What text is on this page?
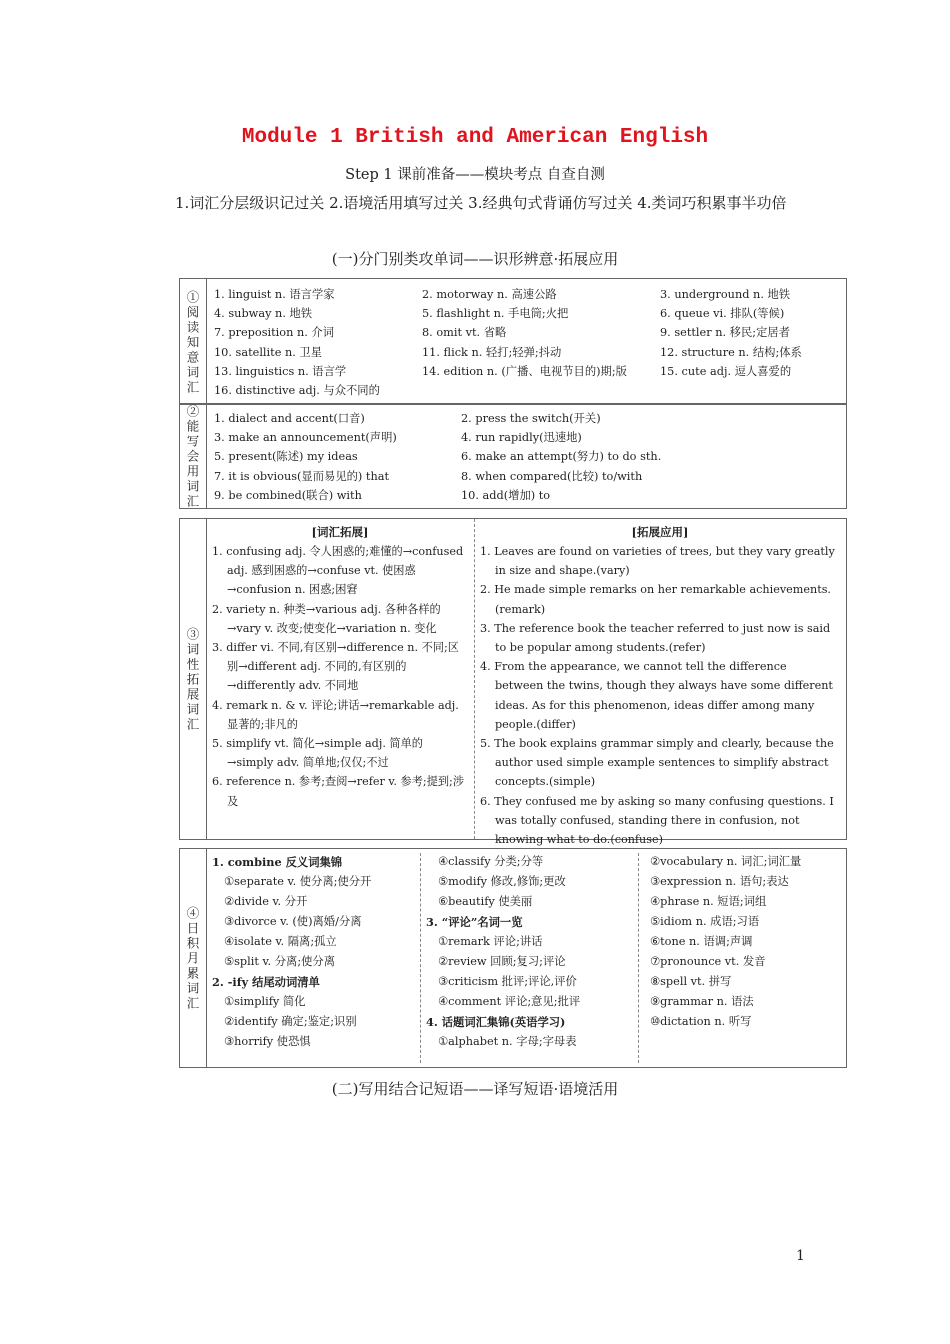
Module 1 British and American English
Step 1 课前准备——模块考点 自查自测
1.词汇分层级识记过关 2.语境活用填写过关 3.经典句式背诵仿写过关 4.类词巧积累事半功倍
(一)分门别类攻单词——识形辨意·拓展应用
①阅读知意词汇
1. linguist n. 语言学家
4. subway n. 地铁
7. preposition n. 介词
10. satellite n. 卫星
13. linguistics n. 语言学
16. distinctive adj. 与众不同的
2. motorway n. 高速公路
5. flashlight n. 手电筒;火把
8. omit vt. 省略
11. flick n. 轻打;轻弹;抖动
14. edition n. (广播、电视节目的)期;版
3. underground n. 地铁
6. queue vi. 排队(等候)
9. settler n. 移民;定居者
12. structure n. 结构;体系
15. cute adj. 逗人喜爱的
②能写会用词汇
1. dialect and accent(口音)
3. make an announcement(声明)
5. present(陈述) my ideas
7. it is obvious(显而易见的) that
9. be combined(联合) with
2. press the switch(开关)
4. run rapidly(迅速地)
6. make an attempt(努力) to do sth.
8. when compared(比较) to/with
10. add(增加) to
③词性拓展词汇
[词汇拓展]	[拓展应用]

1. confusing adj. 令人困惑的;难懂的→confused adj. 感到困惑的→confuse vt. 使困惑→confusion n. 困惑;困窘

2. variety n. 种类→various adj. 各种各样的→vary v. 改变;使变化→variation n. 变化

3. differ vi. 不同,有区别→difference n. 不同;区别→different adj. 不同的,有区别的→differently adv. 不同地

4. remark n. & v. 评论;讲话→remarkable adj. 显著的;非凡的

5. simplify vt. 简化→simple adj. 简单的→simply adv. 简单地;仅仅;不过

6. reference n. 参考;查阅→refer v. 参考;提到;涉及

1. Leaves are found on varieties of trees, but they vary greatly in size and shape.(vary)

2. He made simple remarks on her remarkable achievements.(remark)

3. The reference book the teacher referred to just now is said to be popular among students.(refer)

4. From the appearance, we cannot tell the difference between the twins, though they always have some different ideas. As for this phenomenon, ideas differ among many people.(differ)

5. The book explains grammar simply and clearly, because the author used simple example sentences to simplify abstract concepts.(simple)

6. They confused me by asking so many confusing questions. I was totally confused, standing there in confusion, not knowing what to do.(confuse)

④日积月累词汇
1. combine 反义词集锦
①separate v. 使分离;使分开
②divide v. 分开
③divorce v. (使)离婚/分离
④isolate v. 隔离;孤立
⑤split v. 分离;使分离
2. -ify 结尾动词清单
①simplify 简化
②identify 确定;鉴定;识别
③horrify 使恐惧
④classify 分类;分等
⑤modify 修改,修饰;更改
⑥beautify 使美丽
3. “评论”名词一览
①remark 评论;讲话
②review 回顾;复习;评论
③criticism 批评;评论,评价
④comment 评论;意见;批评
4. 话题词汇集锦(英语学习)
①alphabet n. 字母;字母表
②vocabulary n. 词汇;词汇量
③expression n. 语句;表达
④phrase n. 短语;词组
⑤idiom n. 成语;习语
⑥tone n. 语调;声调
⑦pronounce vt. 发音
⑧spell vt. 拼写
⑨grammar n. 语法
⑩dictation n. 听写
(二)写用结合记短语——译写短语·语境活用
1
